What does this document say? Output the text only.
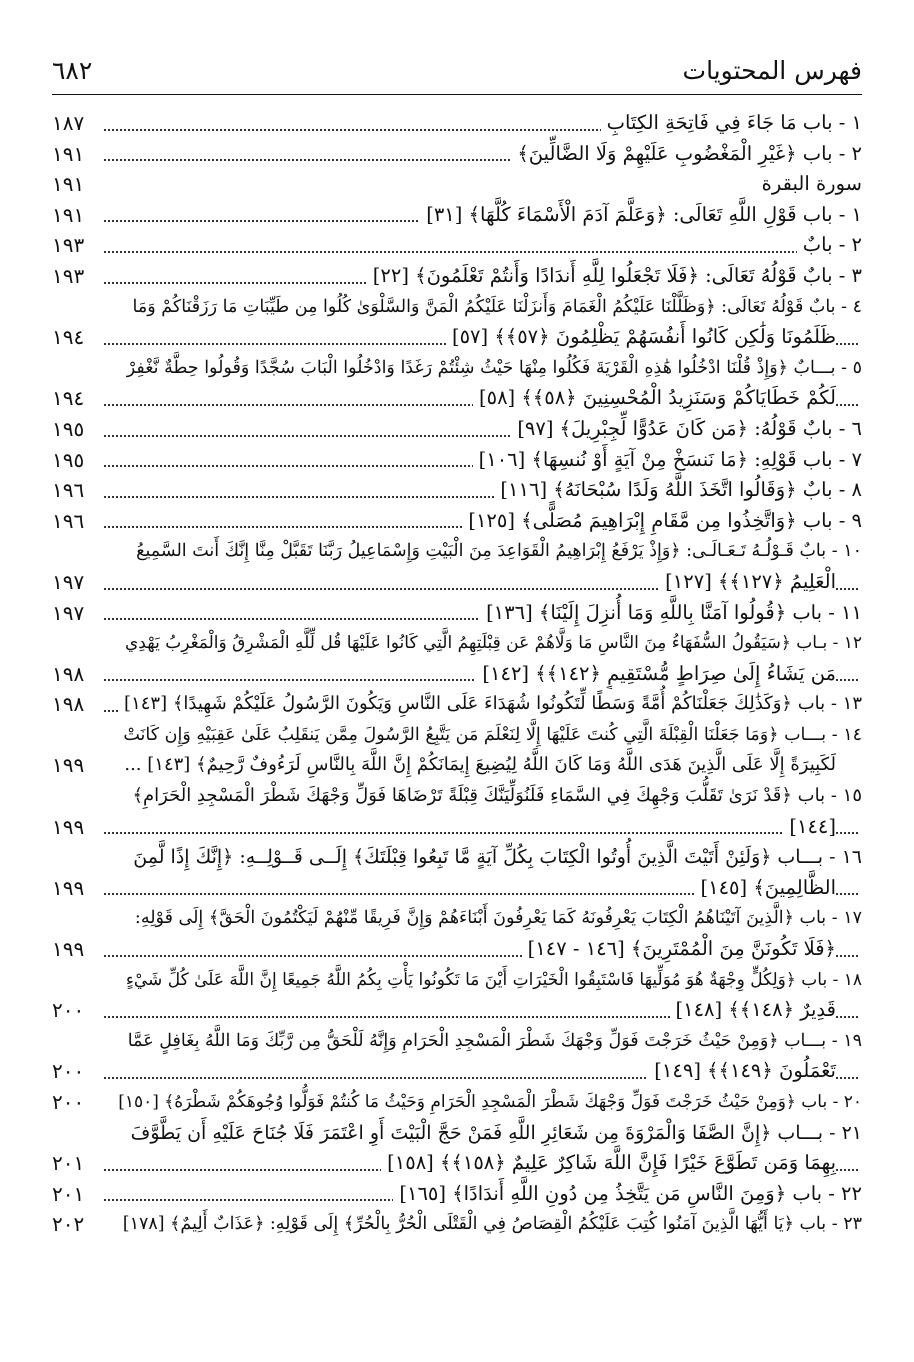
فهرس المحتويات
٦٨٢
١ - باب مَا جَاءَ فِي فَاتِحَةِ الكِتَابِ
١٨٧
٢ - باب ﴿غَيْرِ الْمَغْضُوبِ عَلَيْهِمْ وَلَا الضَّالِّينَ﴾
١٩١
سورة البقرة
١٩١
١ - باب قَوْلِ اللَّهِ تَعَالَى: ﴿وَعَلَّمَ آدَمَ الْأَسْمَاءَ كُلَّهَا﴾ [٣١]
١٩١
٢ - بابٌ
١٩٣
٣ - بابٌ قَوْلُهُ تَعَالَى: ﴿فَلَا تَجْعَلُوا لِلَّهِ أَندَادًا وَأَنتُمْ تَعْلَمُونَ﴾ [٢٢]
١٩٣
٤ - بابٌ قَوْلُهُ تَعَالَى: ﴿وَظَلَّلْنَا عَلَيْكُمُ الْغَمَامَ وَأَنزَلْنَا عَلَيْكُمُ الْمَنَّ وَالسَّلْوَىٰ كُلُوا مِن طَيِّبَاتِ مَا رَزَقْنَاكُمْ وَمَا
ظَلَمُونَا وَلَٰكِن كَانُوا أَنفُسَهُمْ يَظْلِمُونَ ﴿٥٧﴾﴾ [٥٧]
١٩٤
٥ - بـــابٌ ﴿وَإِذْ قُلْنَا ادْخُلُوا هَٰذِهِ الْقَرْيَةَ فَكُلُوا مِنْهَا حَيْثُ شِئْتُمْ رَغَدًا وَادْخُلُوا الْبَابَ سُجَّدًا وَقُولُوا حِطَّةٌ نَّغْفِرْ
لَكُمْ خَطَايَاكُمْ وَسَنَزِيدُ الْمُحْسِنِينَ ﴿٥٨﴾﴾ [٥٨]
١٩٤
٦ - بابٌ قَوْلُهُ: ﴿مَن كَانَ عَدُوًّا لِّجِبْرِيلَ﴾ [٩٧]
١٩٥
٧ - باب قَوْلِهِ: ﴿مَا نَنسَخْ مِنْ آيَةٍ أَوْ نُنسِهَا﴾ [١٠٦]
١٩٥
٨ - بابٌ ﴿وَقَالُوا اتَّخَذَ اللَّهُ وَلَدًا سُبْحَانَهُ﴾ [١١٦]
١٩٦
٩ - باب ﴿وَاتَّخِذُوا مِن مَّقَامِ إِبْرَاهِيمَ مُصَلًّى﴾ [١٢٥]
١٩٦
١٠ - بابٌ قَـوْلُـهُ تَـعَـالَـى: ﴿وَإِذْ يَرْفَعُ إِبْرَاهِيمُ الْقَوَاعِدَ مِنَ الْبَيْتِ وَإِسْمَاعِيلُ رَبَّنَا تَقَبَّلْ مِنَّا إِنَّكَ أَنتَ السَّمِيعُ
الْعَلِيمُ ﴿١٢٧﴾﴾ [١٢٧]
١٩٧
١١ - باب ﴿قُولُوا آمَنَّا بِاللَّهِ وَمَا أُنزِلَ إِلَيْنَا﴾ [١٣٦]
١٩٧
١٢ - بـاب ﴿سَيَقُولُ السُّفَهَاءُ مِنَ النَّاسِ مَا وَلَّاهُمْ عَن قِبْلَتِهِمُ الَّتِي كَانُوا عَلَيْهَا قُل لِّلَّهِ الْمَشْرِقُ وَالْمَغْرِبُ يَهْدِي
مَن يَشَاءُ إِلَىٰ صِرَاطٍ مُّسْتَقِيمٍ ﴿١٤٢﴾﴾ [١٤٢]
١٩٨
١٣ - باب ﴿وَكَذَٰلِكَ جَعَلْنَاكُمْ أُمَّةً وَسَطًا لِّتَكُونُوا شُهَدَاءَ عَلَى النَّاسِ وَيَكُونَ الرَّسُولُ عَلَيْكُمْ شَهِيدًا﴾ [١٤٣]
١٩٨
١٤ - بـــاب ﴿وَمَا جَعَلْنَا الْقِبْلَةَ الَّتِي كُنتَ عَلَيْهَا إِلَّا لِنَعْلَمَ مَن يَتَّبِعُ الرَّسُولَ مِمَّن يَنقَلِبُ عَلَىٰ عَقِبَيْهِ وَإِن كَانَتْ
لَكَبِيرَةً إِلَّا عَلَى الَّذِينَ هَدَى اللَّهُ وَمَا كَانَ اللَّهُ لِيُضِيعَ إِيمَانَكُمْ إِنَّ اللَّهَ بِالنَّاسِ لَرَءُوفٌ رَّحِيمٌ﴾ [١٤٣] ...
١٩٩
١٥ - باب ﴿قَدْ نَرَىٰ تَقَلُّبَ وَجْهِكَ فِي السَّمَاءِ فَلَنُوَلِّيَنَّكَ قِبْلَةً تَرْضَاهَا فَوَلِّ وَجْهَكَ شَطْرَ الْمَسْجِدِ الْحَرَامِ﴾
[١٤٤]
١٩٩
١٦ - بـــاب ﴿وَلَئِنْ أَتَيْتَ الَّذِينَ أُوتُوا الْكِتَابَ بِكُلِّ آيَةٍ مَّا تَبِعُوا قِبْلَتَكَ﴾ إِلَــى قَــوْلِــهِ: ﴿إِنَّكَ إِذًا لَّمِنَ
الظَّالِمِينَ﴾ [١٤٥]
١٩٩
١٧ - باب ﴿الَّذِينَ آتَيْنَاهُمُ الْكِتَابَ يَعْرِفُونَهُ كَمَا يَعْرِفُونَ أَبْنَاءَهُمْ وَإِنَّ فَرِيقًا مِّنْهُمْ لَيَكْتُمُونَ الْحَقَّ﴾ إِلَى قَوْلِهِ:
﴿فَلَا تَكُونَنَّ مِنَ الْمُمْتَرِينَ﴾ [١٤٦ - ١٤٧]
١٩٩
١٨ - باب ﴿وَلِكُلٍّ وِجْهَةٌ هُوَ مُوَلِّيهَا فَاسْتَبِقُوا الْخَيْرَاتِ أَيْنَ مَا تَكُونُوا يَأْتِ بِكُمُ اللَّهُ جَمِيعًا إِنَّ اللَّهَ عَلَىٰ كُلِّ شَيْءٍ
قَدِيرٌ ﴿١٤٨﴾﴾ [١٤٨]
٢٠٠
١٩ - بـــاب ﴿وَمِنْ حَيْثُ خَرَجْتَ فَوَلِّ وَجْهَكَ شَطْرَ الْمَسْجِدِ الْحَرَامِ وَإِنَّهُ لَلْحَقُّ مِن رَّبِّكَ وَمَا اللَّهُ بِغَافِلٍ عَمَّا
تَعْمَلُونَ ﴿١٤٩﴾﴾ [١٤٩]
٢٠٠
٢٠ - باب ﴿وَمِنْ حَيْثُ خَرَجْتَ فَوَلِّ وَجْهَكَ شَطْرَ الْمَسْجِدِ الْحَرَامِ وَحَيْثُ مَا كُنتُمْ فَوَلُّوا وُجُوهَكُمْ شَطْرَهُ﴾ [١٥٠]
٢٠٠
٢١ - بـــاب ﴿إِنَّ الصَّفَا وَالْمَرْوَةَ مِن شَعَائِرِ اللَّهِ فَمَنْ حَجَّ الْبَيْتَ أَوِ اعْتَمَرَ فَلَا جُنَاحَ عَلَيْهِ أَن يَطَّوَّفَ
بِهِمَا وَمَن تَطَوَّعَ خَيْرًا فَإِنَّ اللَّهَ شَاكِرٌ عَلِيمٌ ﴿١٥٨﴾﴾ [١٥٨]
٢٠١
٢٢ - باب ﴿وَمِنَ النَّاسِ مَن يَتَّخِذُ مِن دُونِ اللَّهِ أَندَادًا﴾ [١٦٥]
٢٠١
٢٣ - باب ﴿يَا أَيُّهَا الَّذِينَ آمَنُوا كُتِبَ عَلَيْكُمُ الْقِصَاصُ فِي الْقَتْلَى الْحُرُّ بِالْحُرِّ﴾ إِلَى قَوْلِهِ: ﴿عَذَابٌ أَلِيمٌ﴾ [١٧٨]
٢٠٢
